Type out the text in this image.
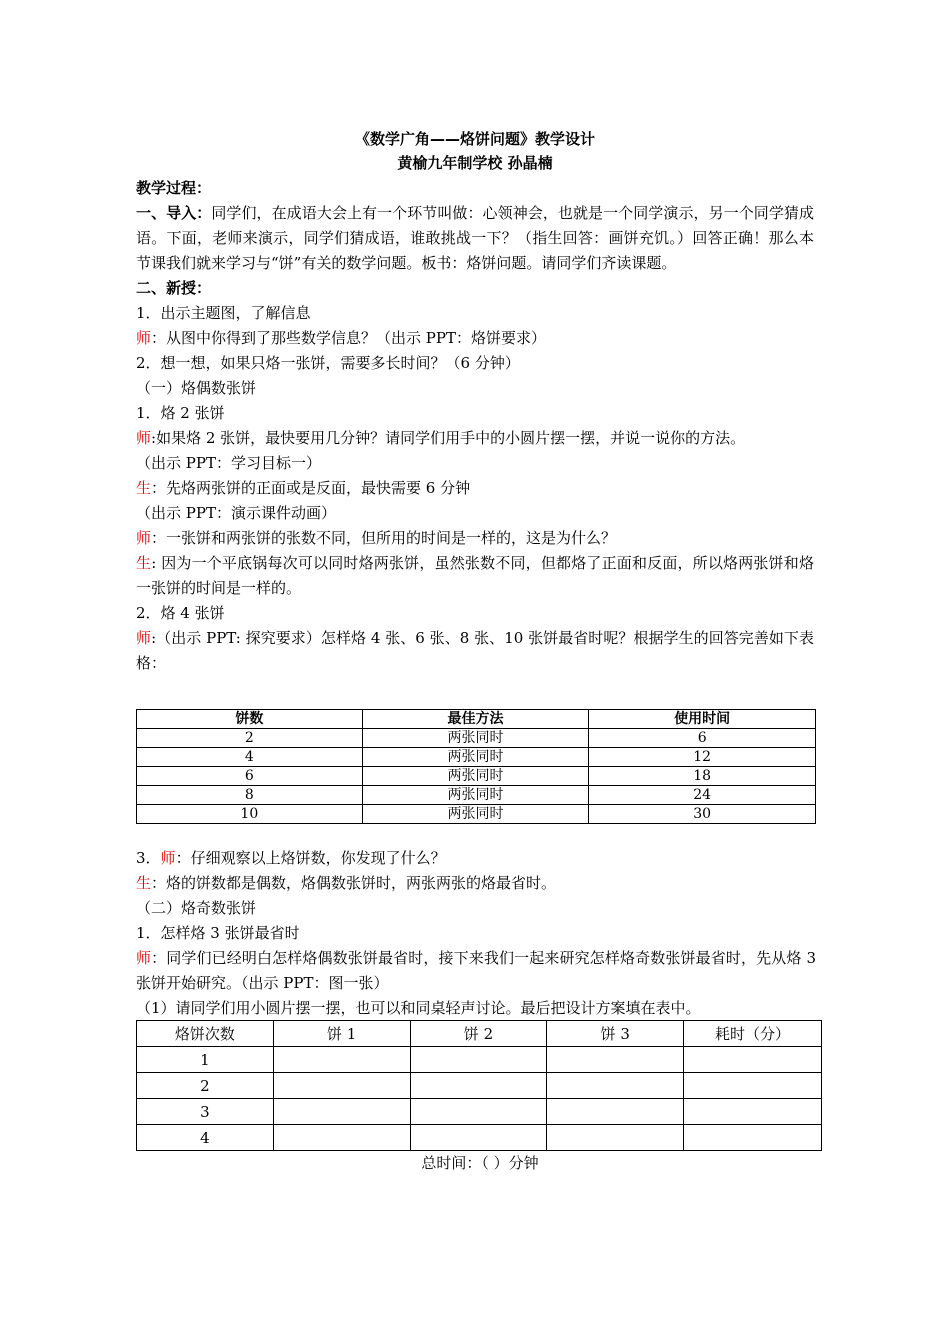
《数学广角——烙饼问题》教学设计
黄榆九年制学校 孙晶楠

教学过程：

一、导入：同学们，在成语大会上有一个环节叫做：心领神会，也就是一个同学演示，另一个同学猜成语。下面，老师来演示，同学们猜成语，谁敢挑战一下？（指生回答：画饼充饥。）回答正确！那么本节课我们就来学习与“饼”有关的数学问题。板书：烙饼问题。请同学们齐读课题。

二、新授：

1．出示主题图，了解信息

师：从图中你得到了那些数学信息？（出示 PPT：烙饼要求）

2．想一想，如果只烙一张饼，需要多长时间？（6 分钟）

（一）烙偶数张饼

1．烙 2 张饼

师:如果烙 2 张饼，最快要用几分钟？请同学们用手中的小圆片摆一摆，并说一说你的方法。

（出示 PPT：学习目标一）

生：先烙两张饼的正面或是反面，最快需要 6 分钟

（出示 PPT：演示课件动画）

师：一张饼和两张饼的张数不同，但所用的时间是一样的，这是为什么？

生: 因为一个平底锅每次可以同时烙两张饼，虽然张数不同，但都烙了正面和反面，所以烙两张饼和烙一张饼的时间是一样的。

2．烙 4 张饼

师:（出示 PPT: 探究要求）怎样烙 4 张、6 张、8 张、10 张饼最省时呢？根据学生的回答完善如下表格：

饼数	最佳方法	使用时间
2	两张同时	6
4	两张同时	12
6	两张同时	18
8	两张同时	24
10	两张同时	30

3．师：仔细观察以上烙饼数，你发现了什么？

生：烙的饼数都是偶数，烙偶数张饼时，两张两张的烙最省时。

（二）烙奇数张饼

1．怎样烙 3 张饼最省时

师：同学们已经明白怎样烙偶数张饼最省时，接下来我们一起来研究怎样烙奇数张饼最省时，先从烙 3 张饼开始研究。（出示 PPT：图一张）

（1）请同学们用小圆片摆一摆，也可以和同桌轻声讨论。最后把设计方案填在表中。

烙饼次数	饼 1	饼 2	饼 3	耗时（分）
1				
2				
3				
4				
总时间：（ ）分钟
